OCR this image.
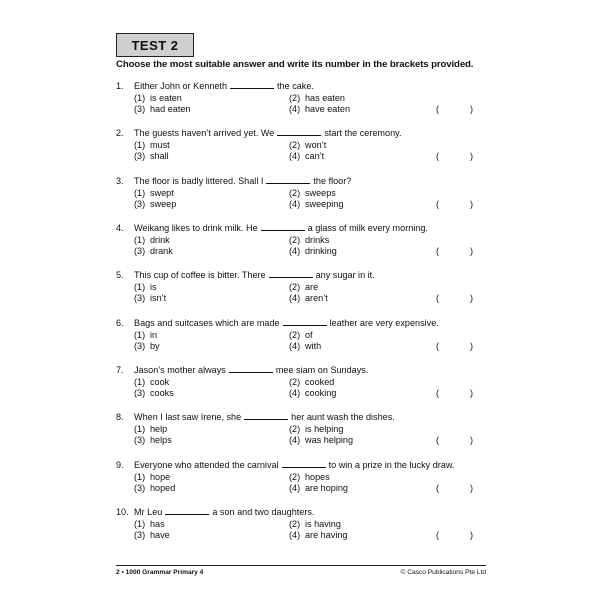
TEST 2
Choose the most suitable answer and write its number in the brackets provided.
1. Either John or Kenneth	the cake.
(1) is eaten	(2) has eaten
(3) had eaten	(4) have eaten	(	)
2. The guests haven’t arrived yet. We	start the ceremony.
(1) must	(2) won’t
(3) shall	(4) can’t	(	)
3. The floor is badly littered. Shall I	the floor?
(1) swept	(2) sweeps
(3) sweep	(4) sweeping	(	)
4. Weikang likes to drink milk. He	a glass of milk every morning.
(1) drink	(2) drinks
(3) drank	(4) drinking	(	)
5. This cup of coffee is bitter. There	any sugar in it.
(1) is	(2) are
(3) isn’t	(4) aren’t	(	)
6. Bags and suitcases which are made	leather are very expensive.
(1) in	(2) of
(3) by	(4) with	(	)
7. Jason’s mother always	mee siam on Sundays.
(1) cook	(2) cooked
(3) cooks	(4) cooking	(	)
8. When I last saw Irene, she	her aunt wash the dishes.
(1) help	(2) is helping
(3) helps	(4) was helping	(	)
9. Everyone who attended the carnival	to win a prize in the lucky draw.
(1) hope	(2) hopes
(3) hoped	(4) are hoping	(	)
10. Mr Leu	a son and two daughters.
(1) has	(2) is having
(3) have	(4) are having	(	)
2 • 1000 Grammar Primary 4	© Casco Publications Pte Ltd
